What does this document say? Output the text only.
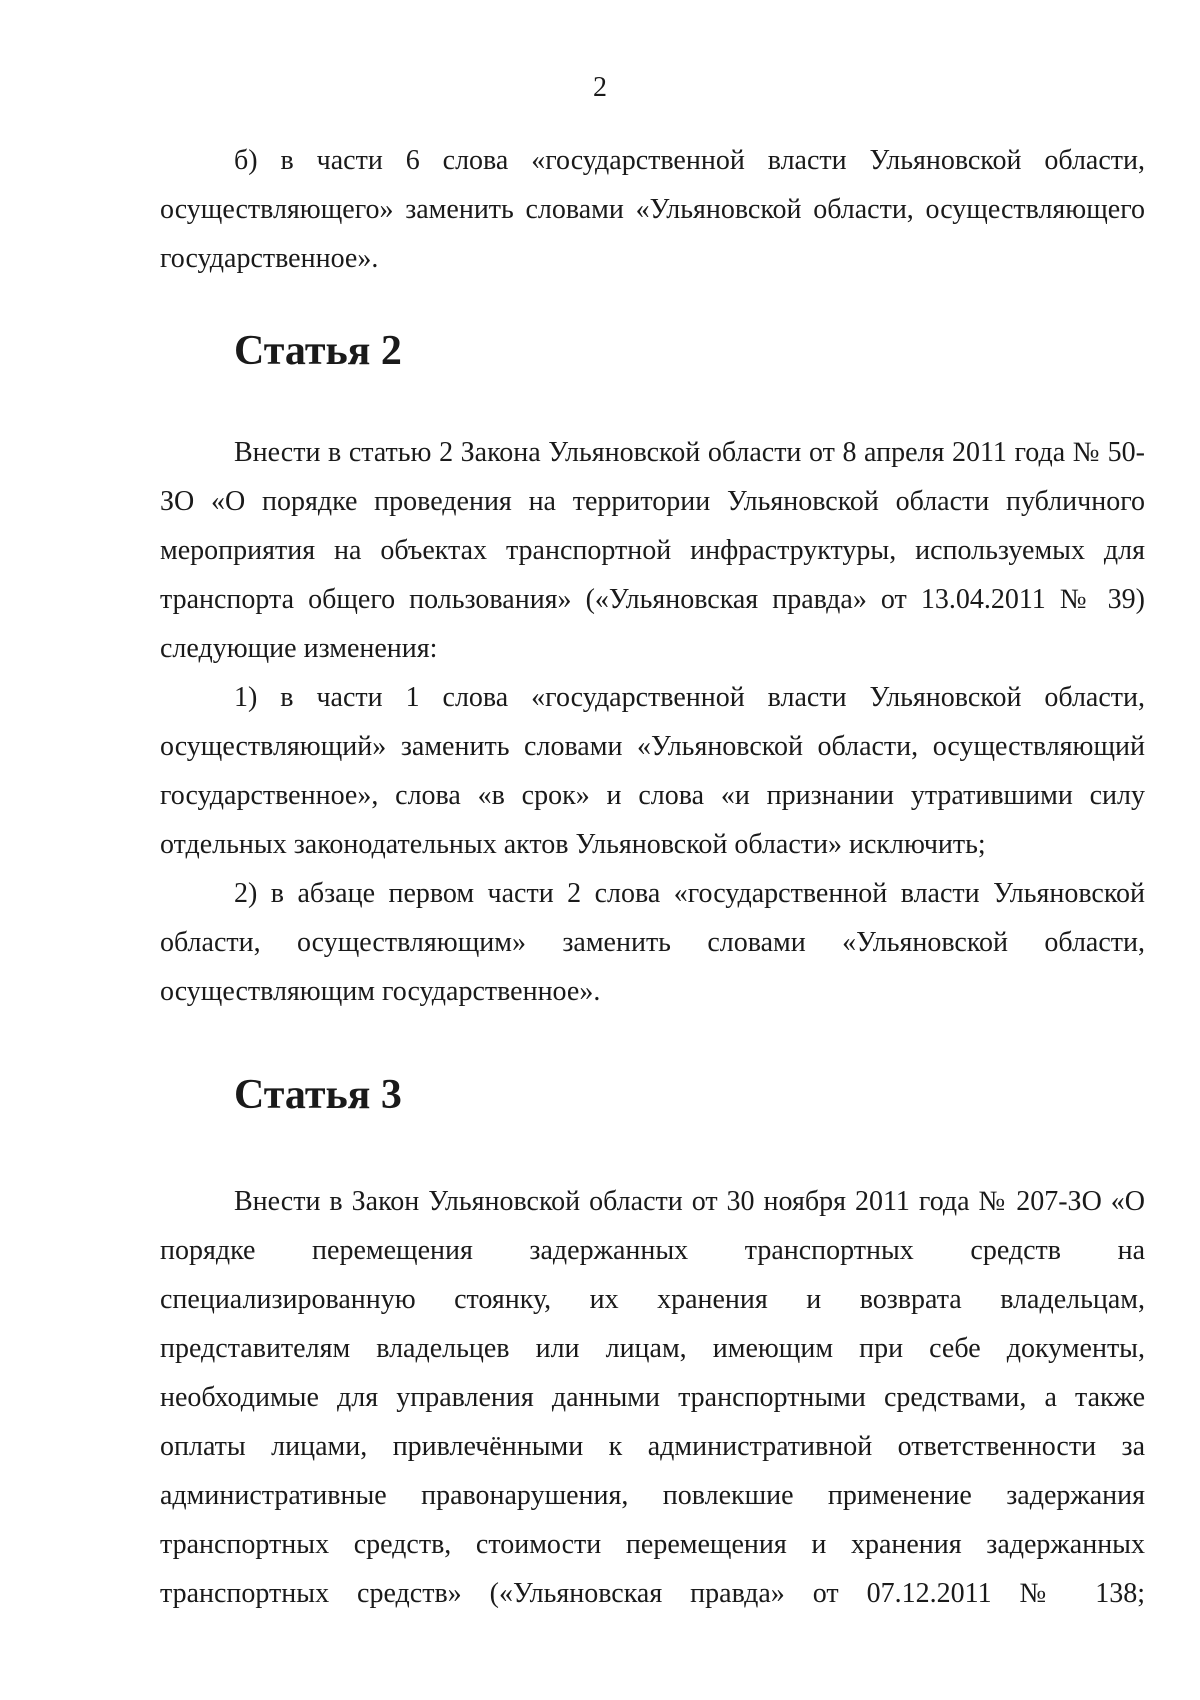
2

б) в части 6 слова «государственной власти Ульяновской области, осуществляющего» заменить словами «Ульяновской области, осуществляющего государственное».

Статья 2

Внести в статью 2 Закона Ульяновской области от 8 апреля 2011 года № 50-ЗО «О порядке проведения на территории Ульяновской области публичного мероприятия на объектах транспортной инфраструктуры, используемых для транспорта общего пользования» («Ульяновская правда» от 13.04.2011 № 39) следующие изменения:

1) в части 1 слова «государственной власти Ульяновской области, осуществляющий» заменить словами «Ульяновской области, осуществляющий государственное», слова «в срок» и слова «и признании утратившими силу отдельных законодательных актов Ульяновской области» исключить;

2) в абзаце первом части 2 слова «государственной власти Ульяновской области, осуществляющим» заменить словами «Ульяновской области, осуществляющим государственное».

Статья 3

Внести в Закон Ульяновской области от 30 ноября 2011 года № 207-ЗО «О порядке перемещения задержанных транспортных средств на специализированную стоянку, их хранения и возврата владельцам, представителям владельцев или лицам, имеющим при себе документы, необходимые для управления данными транспортными средствами, а также оплаты лицами, привлечёнными к административной ответственности за административные правонарушения, повлекшие применение задержания транспортных средств, стоимости перемещения и хранения задержанных транспортных средств» («Ульяновская правда» от 07.12.2011 № 138;
